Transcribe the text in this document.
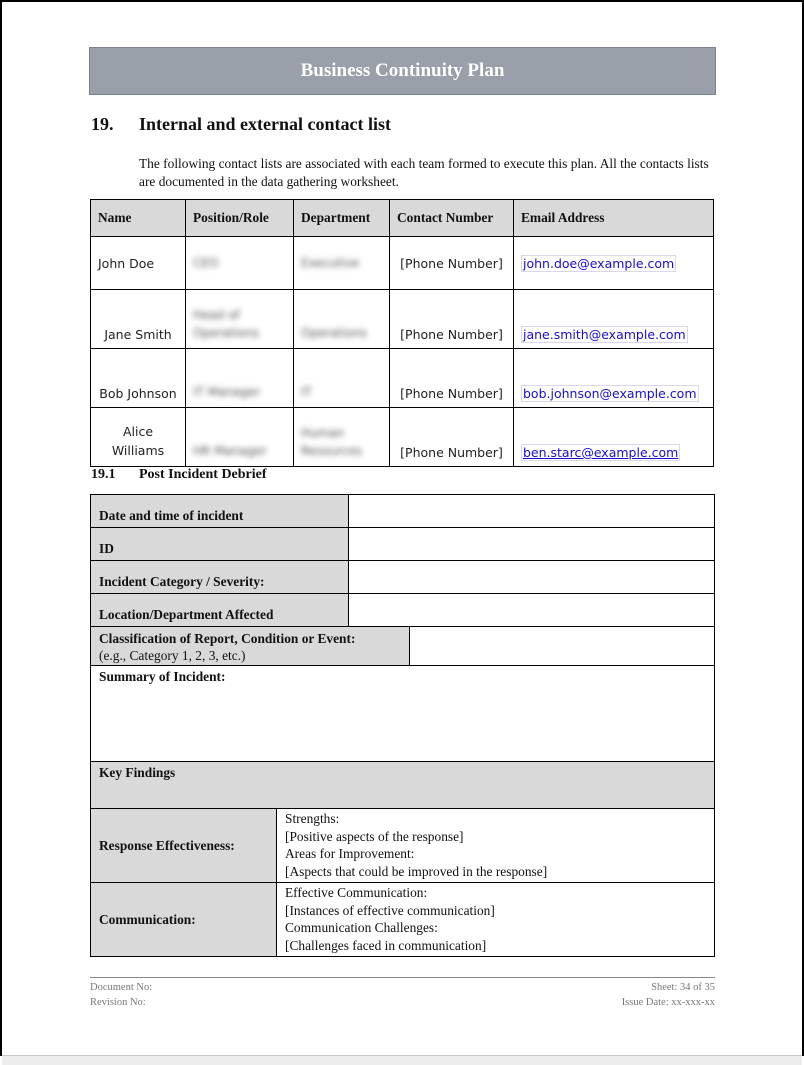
Business Continuity Plan
19. Internal and external contact list
The following contact lists are associated with each team formed to execute this plan. All the contacts lists are documented in the data gathering worksheet.
Name	Position/Role	Department	Contact Number	Email Address
John Doe	CEO	Executive	[Phone Number]	john.doe@example.com
Jane Smith	Head of Operations	Operations	[Phone Number]	jane.smith@example.com
Bob Johnson	IT Manager	IT	[Phone Number]	bob.johnson@example.com
Alice Williams	HR Manager	Human Resources	[Phone Number]	ben.starc@example.com
19.1 Post Incident Debrief
Date and time of incident		
ID		
Incident Category / Severity:		
Location/Department Affected		

Classification of Report, Condition or Event:
(e.g., Category 1, 2, 3, etc.)		

Summary of Incident:		
Key Findings		
Response Effectiveness:	Strengths:
[Positive aspects of the response]
Areas for Improvement:
[Aspects that could be improved in the response]	

Communication:	Effective Communication:
[Instances of effective communication]
Communication Challenges:
[Challenges faced in communication]	
Document No:	Sheet: 34 of 35
Revision No:	Issue Date: xx-xxx-xx
